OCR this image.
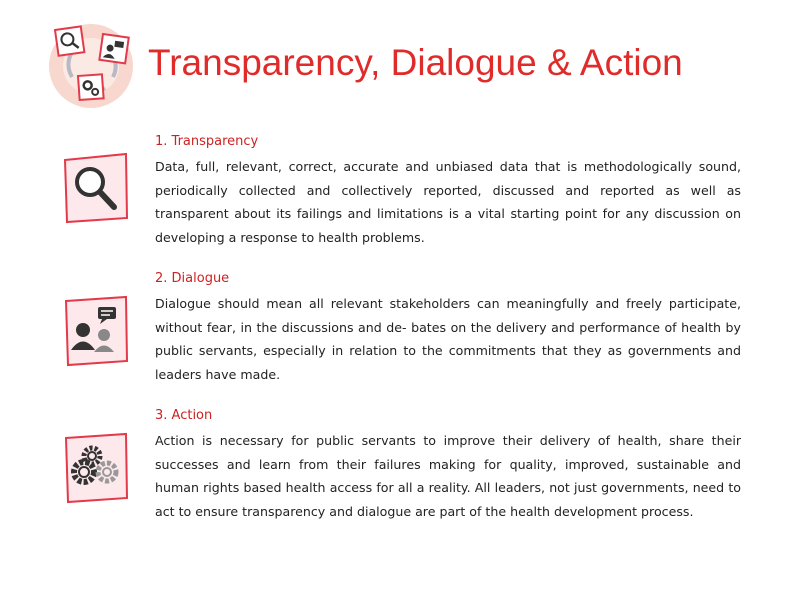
Transparency, Dialogue & Action
1. Transparency
Data, full, relevant, correct, accurate and unbiased data that is methodologically sound, periodically collected and collectively reported, discussed and reported as well as transparent about its failings and limitations is a vital starting point for any discussion on developing a response to health problems.
2. Dialogue
Dialogue should mean all relevant stakeholders can meaningfully and freely participate, without fear, in the discussions and de- bates on the delivery and performance of health by public servants, especially in relation to the commitments that they as governments and leaders have made.
3. Action
Action is necessary for public servants to improve their delivery of health, share their successes and learn from their failures making for quality, improved, sustainable and human rights based health access for all a reality. All leaders, not just governments, need to act to ensure transparency and dialogue are part of the health development process.
